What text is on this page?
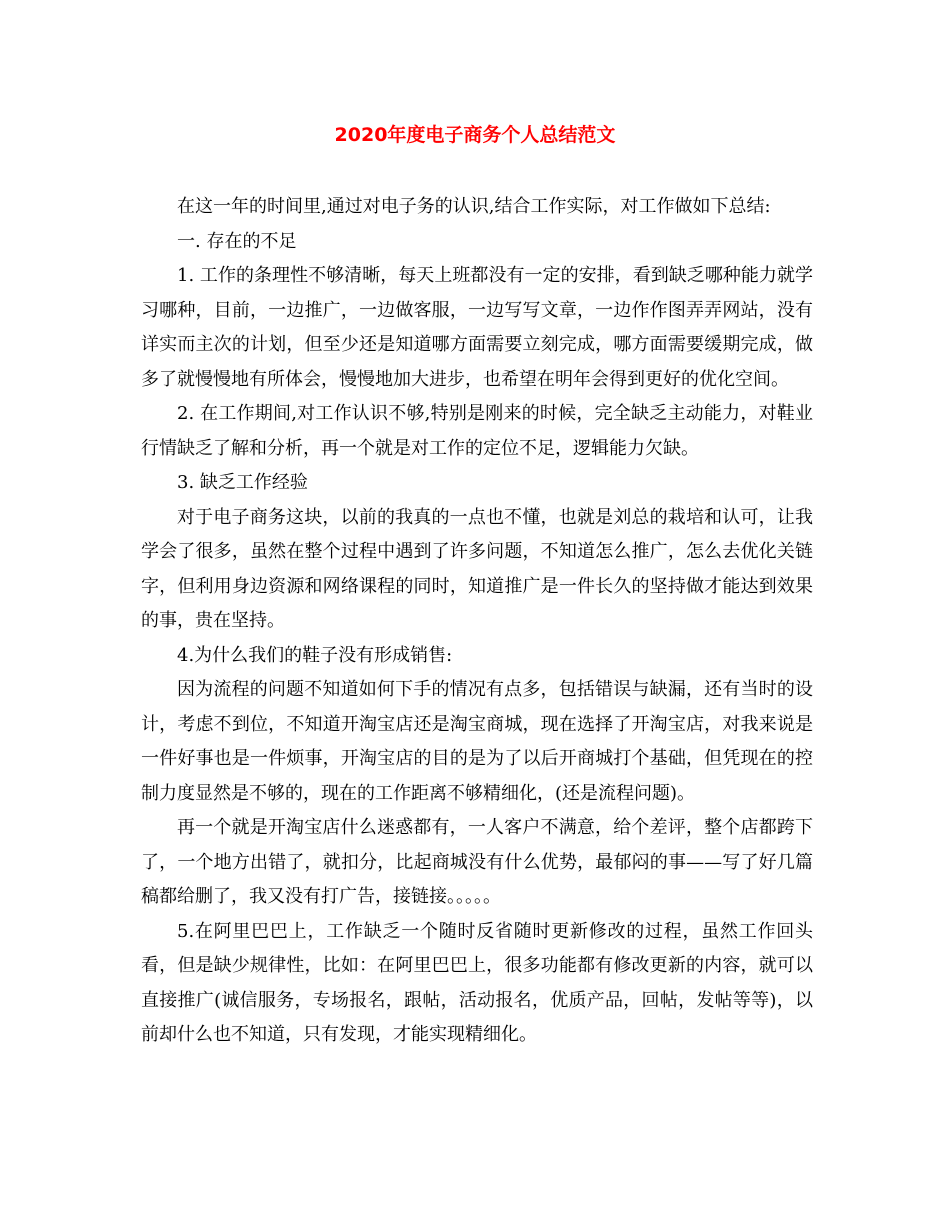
2020年度电子商务个人总结范文

在这一年的时间里,通过对电子务的认识,结合工作实际，对工作做如下总结:

一. 存在的不足

1. 工作的条理性不够清晰，每天上班都没有一定的安排，看到缺乏哪种能力就学习哪种，目前，一边推广，一边做客服，一边写写文章，一边作作图弄弄网站，没有详实而主次的计划，但至少还是知道哪方面需要立刻完成，哪方面需要缓期完成，做多了就慢慢地有所体会，慢慢地加大进步，也希望在明年会得到更好的优化空间。

2. 在工作期间,对工作认识不够,特别是刚来的时候，完全缺乏主动能力，对鞋业行情缺乏了解和分析，再一个就是对工作的定位不足，逻辑能力欠缺。

3. 缺乏工作经验

对于电子商务这块，以前的我真的一点也不懂，也就是刘总的栽培和认可，让我学会了很多，虽然在整个过程中遇到了许多问题，不知道怎么推广，怎么去优化关链字，但利用身边资源和网络课程的同时，知道推广是一件长久的坚持做才能达到效果的事，贵在坚持。

4.为什么我们的鞋子没有形成销售:

因为流程的问题不知道如何下手的情况有点多，包括错误与缺漏，还有当时的设计，考虑不到位，不知道开淘宝店还是淘宝商城，现在选择了开淘宝店，对我来说是一件好事也是一件烦事，开淘宝店的目的是为了以后开商城打个基础，但凭现在的控制力度显然是不够的，现在的工作距离不够精细化，(还是流程问题)。

再一个就是开淘宝店什么迷惑都有，一人客户不满意，给个差评，整个店都跨下了，一个地方出错了，就扣分，比起商城没有什么优势，最郁闷的事——写了好几篇稿都给删了，我又没有打广告，接链接。。。。。

5.在阿里巴巴上，工作缺乏一个随时反省随时更新修改的过程，虽然工作回头看，但是缺少规律性，比如：在阿里巴巴上，很多功能都有修改更新的内容，就可以直接推广(诚信服务，专场报名，跟帖，活动报名，优质产品，回帖，发帖等等)，以前却什么也不知道，只有发现，才能实现精细化。
